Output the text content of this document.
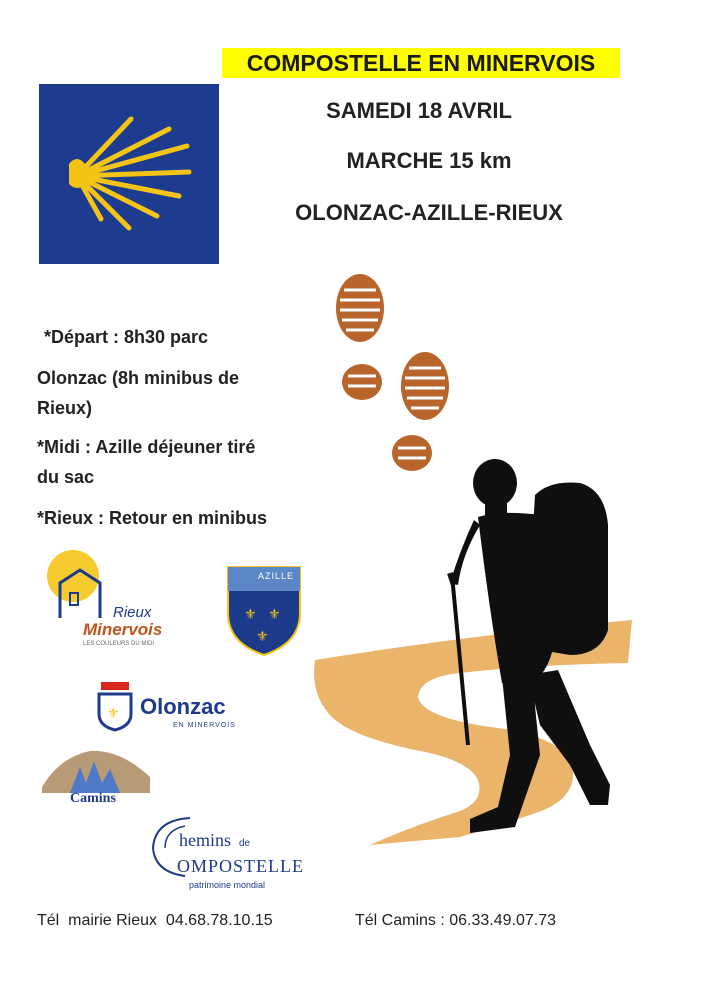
COMPOSTELLE EN MINERVOIS
SAMEDI 18 AVRIL
MARCHE 15 km
OLONZAC-AZILLE-RIEUX
*Départ : 8h30 parc
Olonzac (8h minibus de
Rieux)
*Midi : Azille déjeuner tiré
du sac
*Rieux : Retour en minibus
Rieux
Minervois
LES COULEURS DU MIDI
⚜ ⚜
⚜
AZILLE
⚜ Olonzac
EN MINERVOIS
Camins
hemins de
OMPOSTELLE
patrimoine mondial
Tél  mairie Rieux  04.68.78.10.15	Tél Camins : 06.33.49.07.73
